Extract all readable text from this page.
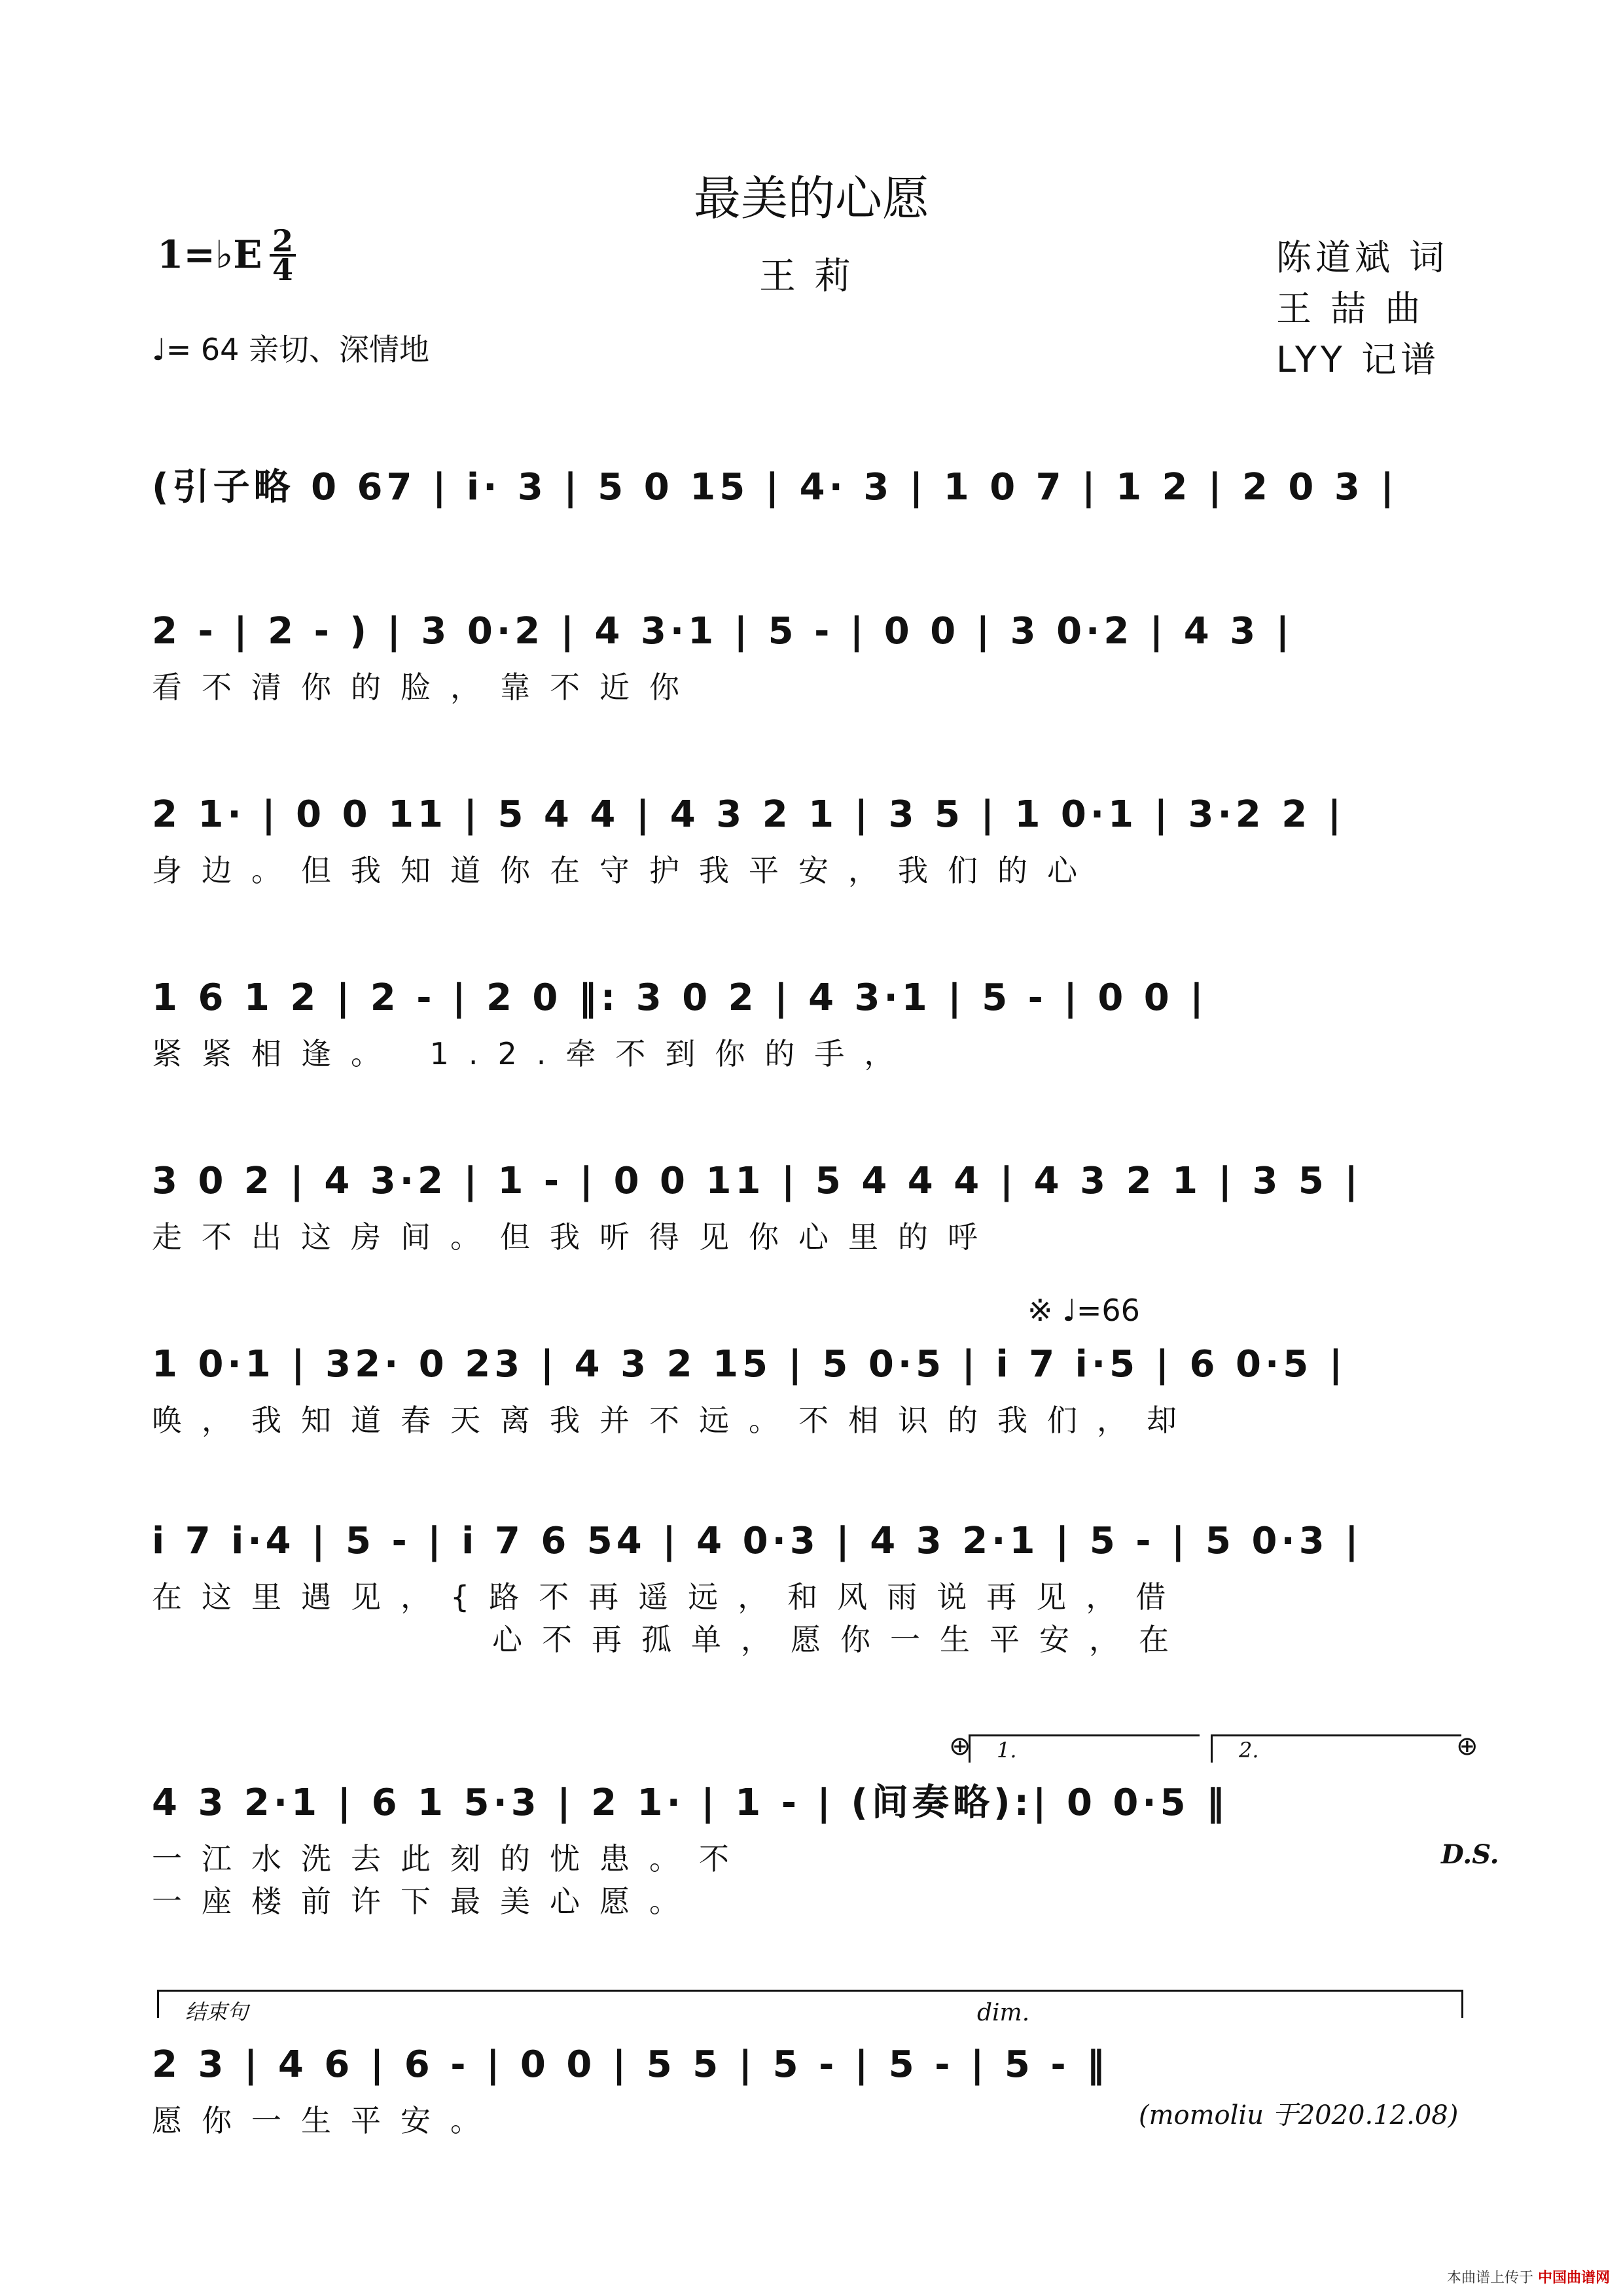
最美的心愿
王莉
1=♭E $\frac{2}{4}$
♩= 64 亲切、深情地
陈道斌 词
王 喆 曲
LYY 记谱
(引子略 0 67 | i· 3 | 5 0 15 | 4· 3 | 1 0 7 | 1 2 | 2 0 3 |
2 - | 2 - ) | 3 0·2 | 4 3·1 | 5 - | 0 0 | 3 0·2 | 4 3 |
看不清你的脸，靠不近你
2 1· | 0 0 11 | 5 4 4 | 4 3 2 1 | 3 5 | 1 0·1 | 3·2 2 |
身边。但我知道你在守护我平安，我们的心
1 6 1 2 | 2 - | 2 0 ‖: 3 0 2 | 4 3·1 | 5 - | 0 0 |
紧紧相逢。 1.2.牵不到你的手，
3 0 2 | 4 3·2 | 1 - | 0 0 11 | 5 4 4 4 | 4 3 2 1 | 3 5 |
走不出这房间。但我听得见你心里的呼
※ ♩=66
1 0·1 | 32· 0 23 | 4 3 2 15 | 5 0·5 | i 7 i·5 | 6 0·5 |
唤，我知道春天离我并不远。不相识的我们，却
i 7 i·4 | 5 - | i 7 6 54 | 4 0·3 | 4 3 2·1 | 5 - | 5 0·3 |
在这里遇见，{路不再遥远，和风雨说再见，借
心不再孤单，愿你一生平安，在
1.	2.
⊕	⊕
4 3 2·1 | 6 1 5·3 | 2 1· | 1 - | (间奏略):| 0 0·5 ‖
一江水洗去此刻的忧患。不
一座楼前许下最美心愿。
D.S.
结束句	dim.
2 3 | 4 6 | 6 - | 0 0 | 5 5 | 5 - | 5 - | 5 - ‖
愿你一生平安。	(momoliu 于2020.12.08)
本曲谱上传于 中国曲谱网
